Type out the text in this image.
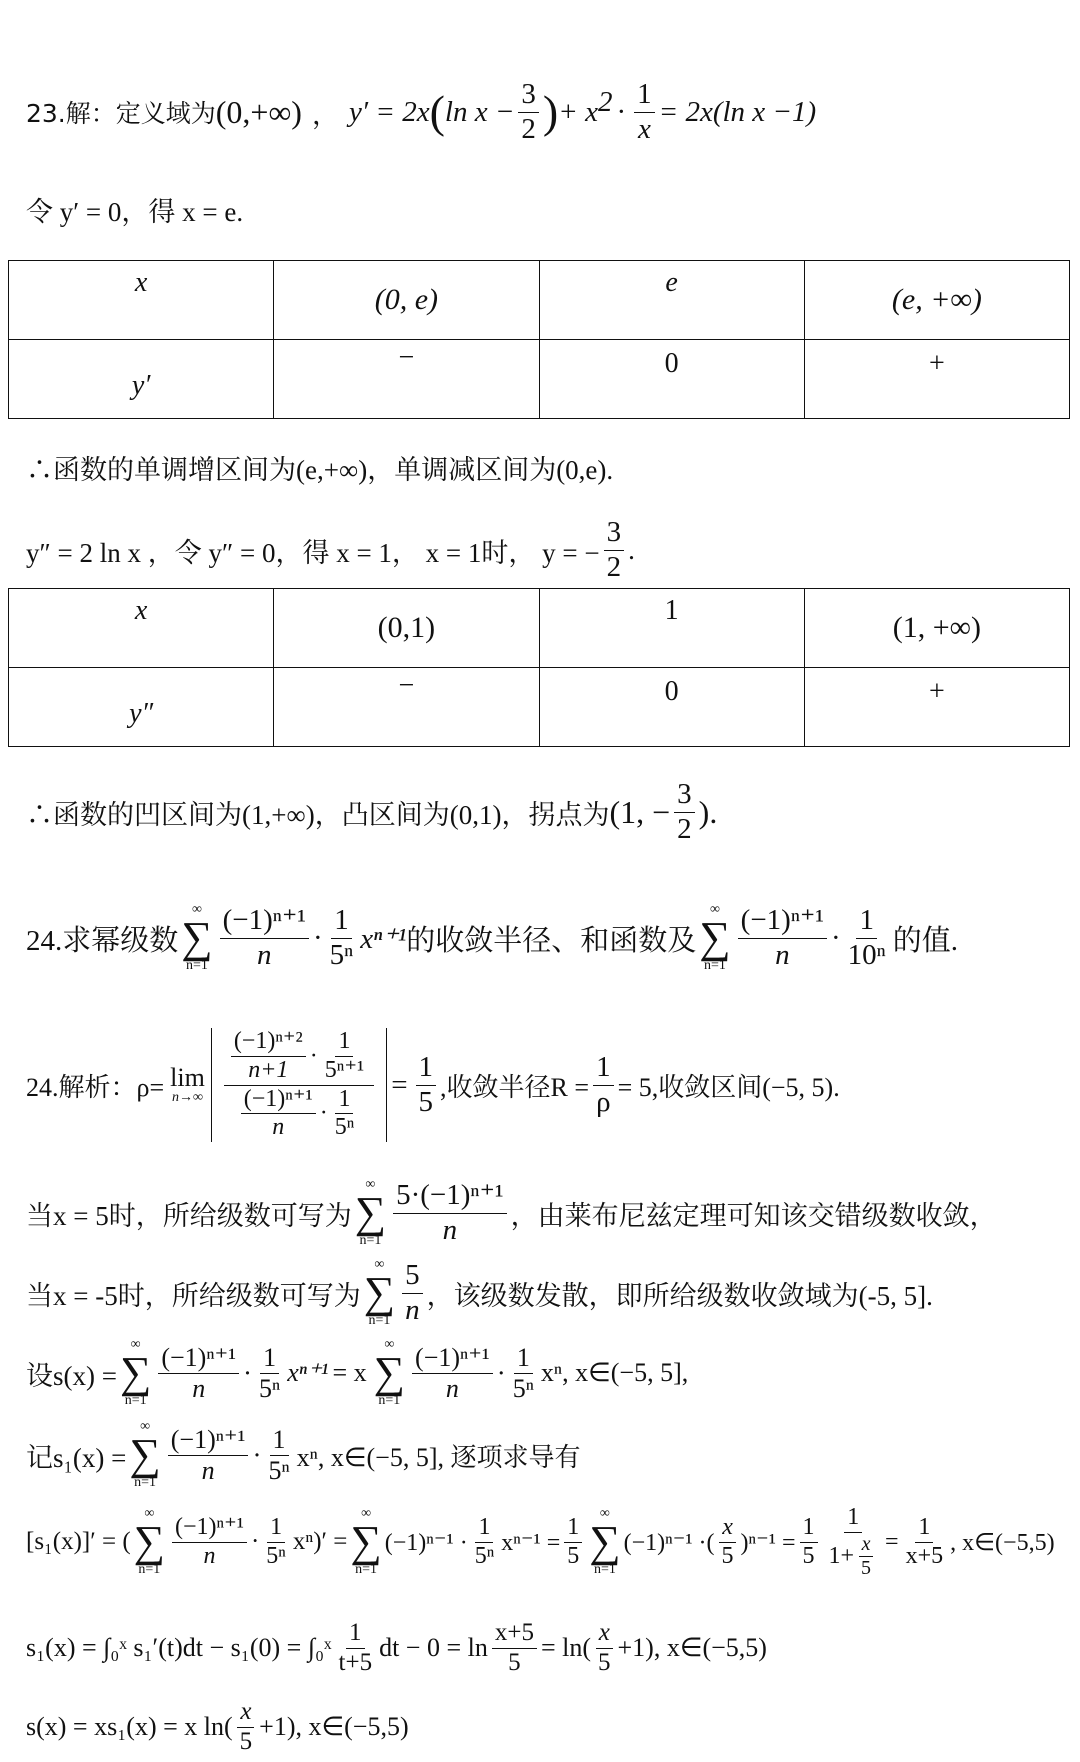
23.解：定义域为 (0,+∞) ， y′ = 2x ( $\ln x - \frac{3}{2}$ ) + x $2 \cdot \frac{1}{x} = 2x(\ln$ x −1)
令 y′ = 0，得 x = e.
x	(0, e)	e	(e, +∞)

y′	−	0	+
∴函数的单调增区间为(e,+∞)，单调减区间为(0,e).
y″ = 2 ln x ，令 y″ = 0，得 x = 1， x = 1时， y = − $\frac{3}{2}$ .
x	(0,1)	1	(1, +∞)

y″	−	0	+
∴函数的凹区间为(1,+∞)，凸区间为(0,1)，拐点为 (1, − $\frac{3}{2}$ ).
24.求幂级数
∞
∑
$n=1 \frac{\text{(−1)ⁿ⁺¹}}{n} \cdot \frac{1}{\text{5ⁿ}} x^{n+1}$ 的收敛半径、和函数及
∞
∑
$n=1 \frac{\text{(−1)ⁿ⁺¹}}{n} \cdot \frac{1}{\text{10ⁿ}}$ 的值.
24.解析：ρ= lim
n→∞
$\frac{\text{(−1)ⁿ⁺²}}{n+1} \cdot \frac{1}{\text{5ⁿ⁺¹}}$
$\frac{\text{(−1)ⁿ⁺¹}}{n} \cdot \frac{1}{\text{5ⁿ}}$
= $\frac{1}{5}$ ,收敛半径$R = \frac{1}{\rho} = 5$,收敛区间(−5, 5).
当x = 5时，所给级数可写为
∞
∑
$n=1 \frac{\text{5·(−1)ⁿ⁺¹}}{n}$ ，由莱布尼兹定理可知该交错级数收敛，
当x = -5时，所给级数可写为
∞
∑
$n=1 \frac{5}{n}$ ，该级数发散，即所给级数收敛域为(-5, 5].
设s(x) =
∞
∑
$n=1 \frac{\text{(−1)ⁿ⁺¹}}{n} \cdot \frac{1}{\text{5ⁿ}} x^{n+1} = x$
∞
∑
$n=1 \frac{\text{(−1)ⁿ⁺¹}}{n} \cdot \frac{1}{\text{5ⁿ}} x^n$, x∈(−5, 5],
记s₁(x) =
∞
∑
$n=1 \frac{\text{(−1)ⁿ⁺¹}}{n} \cdot \frac{1}{\text{5ⁿ}} x^n$, x∈(−5, 5], 逐项求导有
[s₁(x)]′ = (
∞
∑
$n=1 \frac{\text{(−1)ⁿ⁺¹}}{n} \cdot \frac{1}{\text{5ⁿ}} x^n)'$ =
∞
∑
n=1
$(-1)^{n-1} \cdot \frac{1}{\text{5ⁿ}} x^{n-1} = \frac{1}{5}$
∞
∑
n=1
(−1)ⁿ⁻¹ ·( $\frac{x}{5} )^{n-1} = \frac{1}{5} \frac{1}{1+ \frac{x}{5}} = \frac{1}{x+5}$ , x∈(−5,5)
s₁(x) = ∫₀ˣ s₁′(t)dt − s₁(0) = ∫₀ˣ $\frac{1}{t+5}$ dt − $0 = \ln \frac{x+5}{5} = \ln( \frac{x}{5} +1)$, x∈(−5,5)
s(x) = xs₁(x) = x $\ln( \frac{x}{5} +1)$, x∈(−5,5)
